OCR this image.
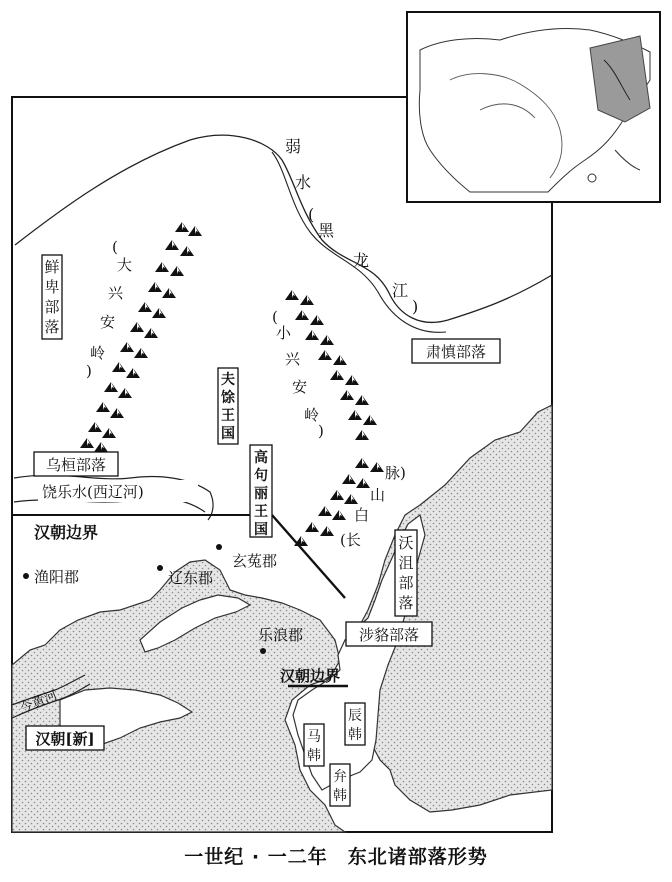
弱
水
(
黑
龙
江
)
(
大
兴
安
岭
)
(
小
兴
安
岭
)
(长
白
山
脉)
鲜
卑
部
落
夫
馀
王
国
高
句
丽
王
国
沃
沮
部
落
马
韩
辰
韩
弁
韩
肃慎部落
乌桓部落
涉貉部落
汉朝[新]
汉朝边界
汉朝边界
饶乐水(西辽河)
今黄河
渔阳郡	辽东郡
玄菟郡
乐浪郡
一世纪 · 一二年　东北诸部落形势
